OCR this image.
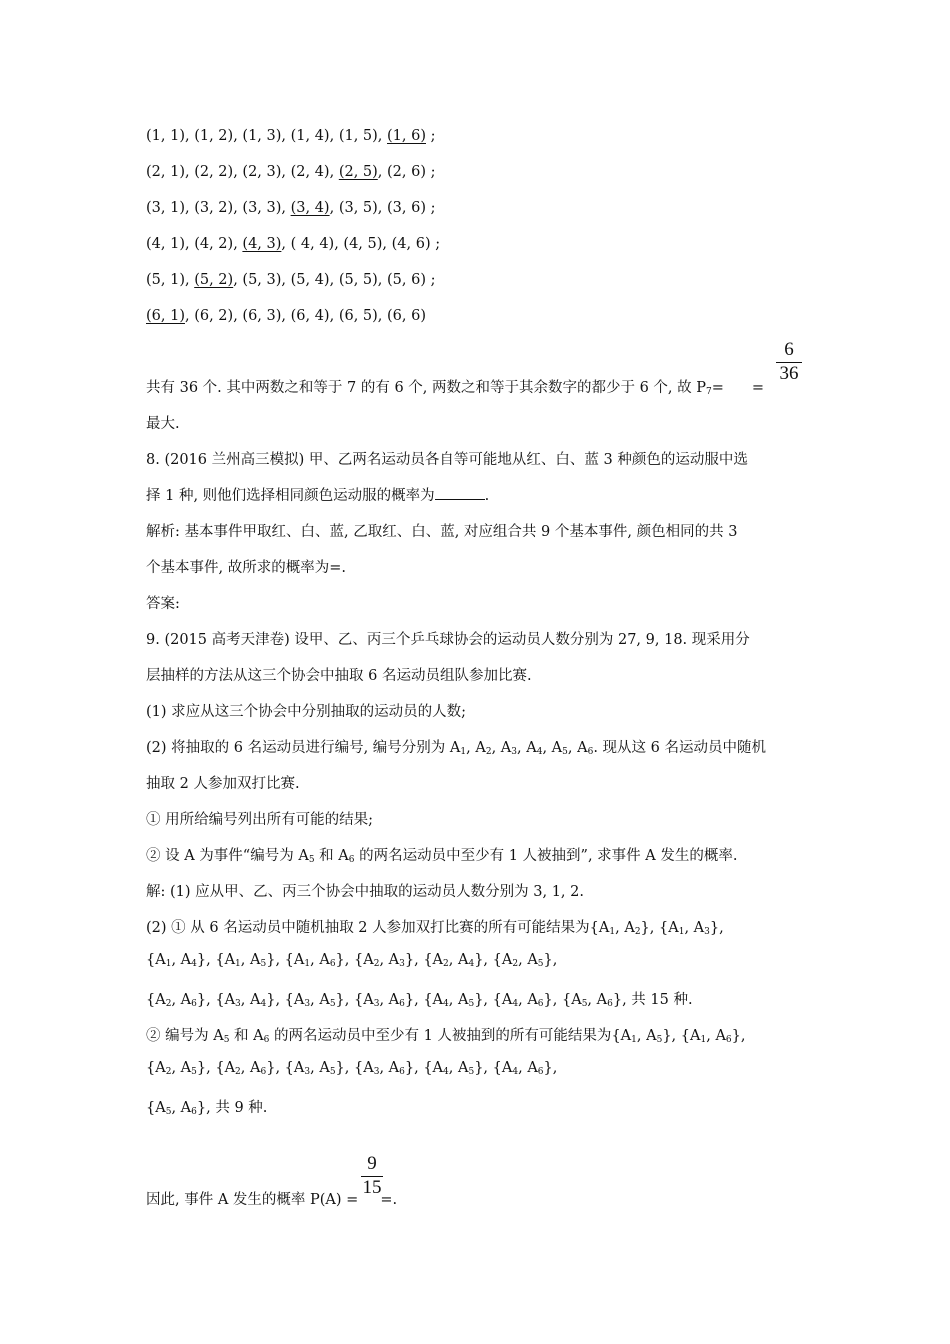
(1, 1), (1, 2), (1, 3), (1, 4), (1, 5), (1, 6) ;
(2, 1), (2, 2), (2, 3), (2, 4), (2, 5), (2, 6) ;
(3, 1), (3, 2), (3, 3), (3, 4), (3, 5), (3, 6) ;
(4, 1), (4, 2), (4, 3), ( 4, 4), (4, 5), (4, 6) ;
(5, 1), (5, 2), (5, 3), (5, 4), (5, 5), (5, 6) ;
(6, 1), (6, 2), (6, 3), (6, 4), (6, 5), (6, 6)
共有 36 个. 其中两数之和等于 7 的有 6 个, 两数之和等于其余数字的都少于 6 个, 故 $P_7=$ =
6
36
最大.
8. (2016 兰州高三模拟) 甲、乙两名运动员各自等可能地从红、白、蓝 3 种颜色的运动服中选
择 1 种, 则他们选择相同颜色运动服的概率为	.
解析: 基本事件甲取红、白、蓝, 乙取红、白、蓝, 对应组合共 9 个基本事件, 颜色相同的共 3
个基本事件, 故所求的概率为=.
答案:
9. (2015 高考天津卷) 设甲、乙、丙三个乒乓球协会的运动员人数分别为 27, 9, 18. 现采用分
层抽样的方法从这三个协会中抽取 6 名运动员组队参加比赛.
(1) 求应从这三个协会中分别抽取的运动员的人数;
(2) 将抽取的 6 名运动员进行编号, 编号分别为 $A_1$, $A_2$, $A_3$, $A_4$, $A_5$, $A_6$. 现从这 6 名运动员中随机
抽取 2 人参加双打比赛.
① 用所给编号列出所有可能的结果;
② 设 A 为事件“编号为 $A_5$ 和 $A_6$ 的两名运动员中至少有 1 人被抽到”, 求事件 A 发生的概率.
解: (1) 应从甲、乙、丙三个协会中抽取的运动员人数分别为 3, 1, 2.
(2) ① 从 6 名运动员中随机抽取 2 人参加双打比赛的所有可能结果为{$A_1$, $A_2$}, {$A_1$, $A_3$},
{$A_1$, $A_4$}, {$A_1$, $A_5$}, {$A_1$, $A_6$}, {$A_2$, $A_3$}, {$A_2$, $A_4$}, {$A_2$, $A_5$},
{$A_2$, $A_6$}, {$A_3$, $A_4$}, {$A_3$, $A_5$}, {$A_3$, $A_6$}, {$A_4$, $A_5$}, {$A_4$, $A_6$}, {$A_5$, $A_6$}, 共 15 种.
② 编号为 $A_5$ 和 $A_6$ 的两名运动员中至少有 1 人被抽到的所有可能结果为{$A_1$, $A_5$}, {$A_1$, $A_6$},
{$A_2$, $A_5$}, {$A_2$, $A_6$}, {$A_3$, $A_5$}, {$A_3$, $A_6$}, {$A_4$, $A_5$}, {$A_4$, $A_6$},
{$A_5$, $A_6$}, 共 9 种.
因此, 事件 A 发生的概率 P(A) = =.
9
15
